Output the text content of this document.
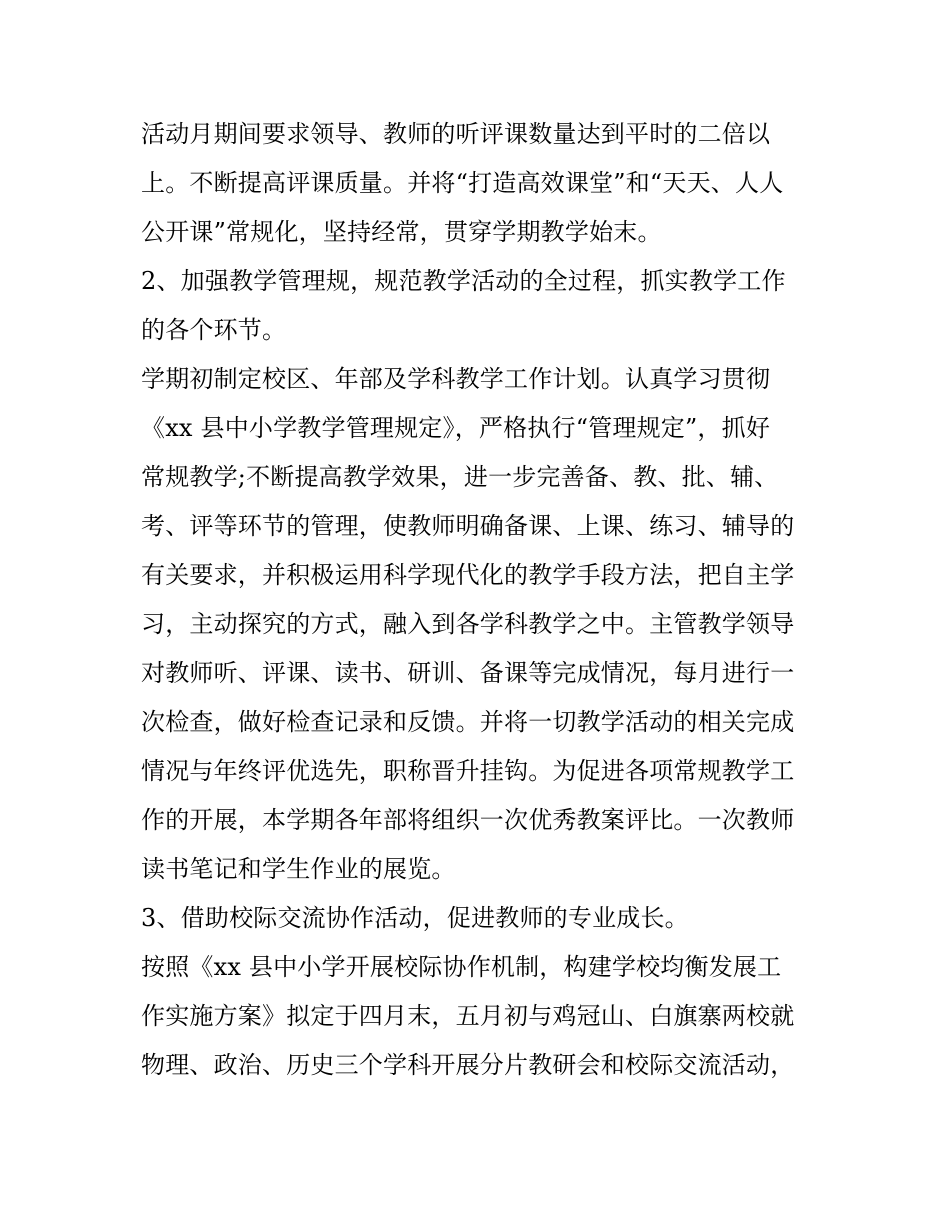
活动月期间要求领导、教师的听评课数量达到平时的二倍以
上。不断提高评课质量。并将“打造高效课堂”和“天天、人人
公开课”常规化，坚持经常，贯穿学期教学始末。
2、加强教学管理规，规范教学活动的全过程，抓实教学工作
的各个环节。
学期初制定校区、年部及学科教学工作计划。认真学习贯彻
《xx 县中小学教学管理规定》，严格执行“管理规定”，抓好
常规教学;不断提高教学效果，进一步完善备、教、批、辅、
考、评等环节的管理，使教师明确备课、上课、练习、辅导的
有关要求，并积极运用科学现代化的教学手段方法，把自主学
习，主动探究的方式，融入到各学科教学之中。主管教学领导
对教师听、评课、读书、研训、备课等完成情况，每月进行一
次检查，做好检查记录和反馈。并将一切教学活动的相关完成
情况与年终评优选先，职称晋升挂钩。为促进各项常规教学工
作的开展，本学期各年部将组织一次优秀教案评比。一次教师
读书笔记和学生作业的展览。
3、借助校际交流协作活动，促进教师的专业成长。
按照《xx 县中小学开展校际协作机制，构建学校均衡发展工
作实施方案》拟定于四月末，五月初与鸡冠山、白旗寨两校就
物理、政治、历史三个学科开展分片教研会和校际交流活动，
